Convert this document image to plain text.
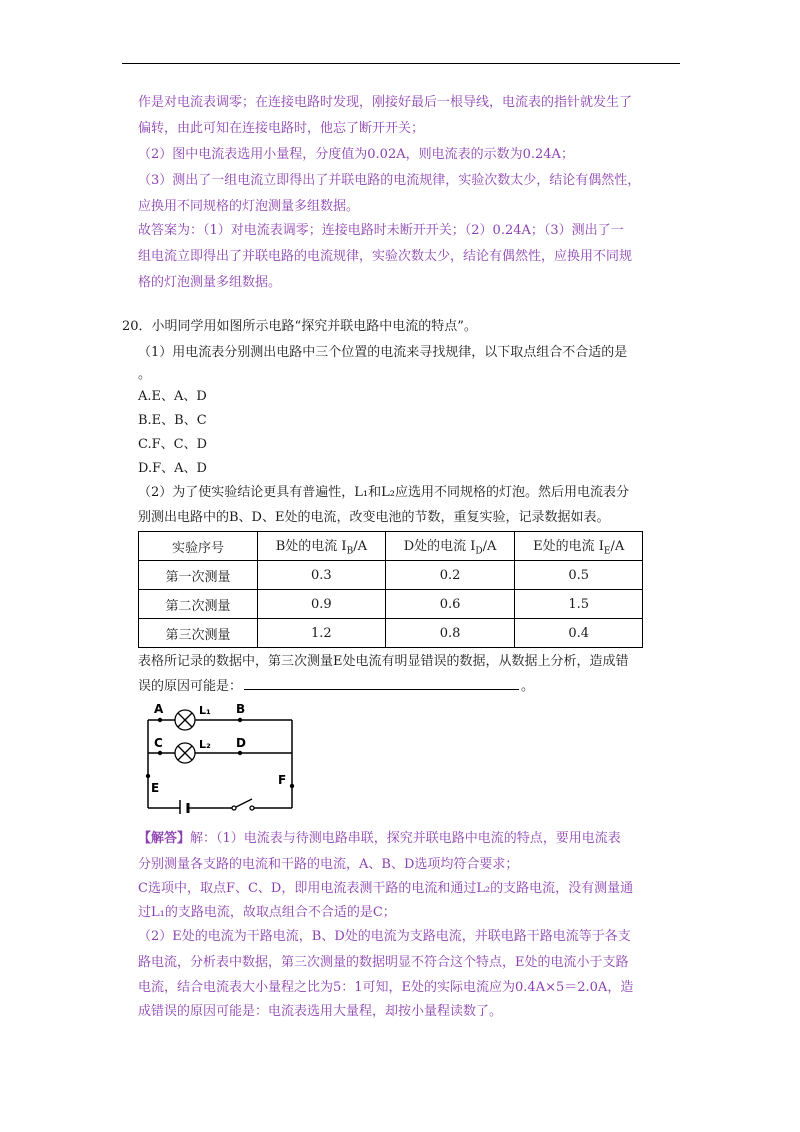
作是对电流表调零；在连接电路时发现，刚接好最后一根导线，电流表的指针就发生了
偏转，由此可知在连接电路时，他忘了断开开关；
（2）图中电流表选用小量程，分度值为0.02A，则电流表的示数为0.24A；
（3）测出了一组电流立即得出了并联电路的电流规律，实验次数太少，结论有偶然性，
应换用不同规格的灯泡测量多组数据。
故答案为：（1）对电流表调零；连接电路时未断开开关；（2）0.24A；（3）测出了一
组电流立即得出了并联电路的电流规律，实验次数太少，结论有偶然性，应换用不同规
格的灯泡测量多组数据。
20．小明同学用如图所示电路“探究并联电路中电流的特点”。
（1）用电流表分别测出电路中三个位置的电流来寻找规律，以下取点组合不合适的是
。
A.E、A、D
B.E、B、C
C.F、C、D
D.F、A、D
（2）为了使实验结论更具有普遍性，L₁和L₂应选用不同规格的灯泡。然后用电流表分
别测出电路中的B、D、E处的电流，改变电池的节数，重复实验，记录数据如表。
实验序号	B处的电流 $I_B/A$	D处的电流 $I_D/A$	E处的电流 $I_E/A$
第一次测量	0.3	0.2	0.5
第二次测量	0.9	0.6	1.5
第三次测量	1.2	0.8	0.4
表格所记录的数据中，第三次测量E处电流有明显错误的数据，从数据上分析，造成错
误的原因可能是：	。
A	B
C	D
E
F
L₁
L₂
【解答】解：（1）电流表与待测电路串联，探究并联电路中电流的特点，要用电流表
分别测量各支路的电流和干路的电流，A、B、D选项均符合要求；
C选项中，取点F、C、D，即用电流表测干路的电流和通过L₂的支路电流，没有测量通
过L₁的支路电流，故取点组合不合适的是C；
（2）E处的电流为干路电流，B、D处的电流为支路电流，并联电路干路电流等于各支
路电流，分析表中数据，第三次测量的数据明显不符合这个特点，E处的电流小于支路
电流，结合电流表大小量程之比为5：1可知，E处的实际电流应为0.4A×5＝2.0A，造
成错误的原因可能是：电流表选用大量程，却按小量程读数了。
